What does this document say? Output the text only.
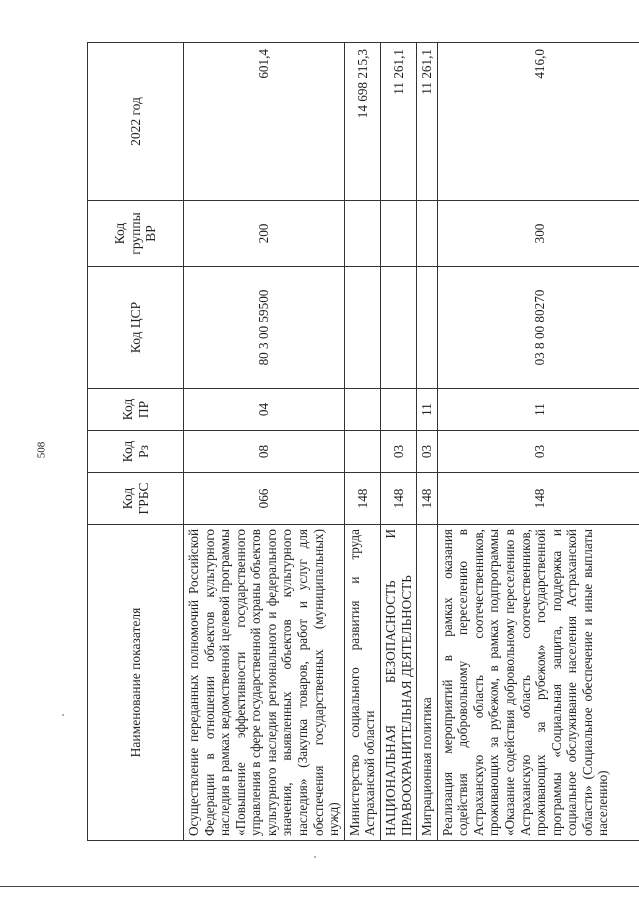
508
Наименование показателя	Код ГРБС	Код Рз	Код ПР	Код ЦСР	Код группы ВР	2022 год
Осуществление переданных полномочий Российской Федерации в отношении объектов культурного наследия в рамках ведомственной целевой программы «Повышение эффективности государственного управления в сфере государственной охраны объектов культурного наследия регионального и федерального значения, выявленных объектов культурного наследия» (Закупка товаров, работ и услуг для обеспечения государственных (муниципальных) нужд)	066	08	04	80 3 00 59500	200	601,4
Министерство социального развития и труда Астраханской области	148					14 698 215,3
НАЦИОНАЛЬНАЯ БЕЗОПАСНОСТЬ И ПРАВООХРАНИТЕЛЬНАЯ ДЕЯТЕЛЬНОСТЬ	148	03				11 261,1
Миграционная политика	148	03	11			11 261,1
Реализация мероприятий в рамках оказания содействия добровольному переселению в Астраханскую область соотечественников, проживающих за рубежом, в рамках подпрограммы «Оказание содействия добровольному переселению в Астраханскую область соотечественников, проживающих за рубежом» государственной программы «Социальная защита, поддержка и социальное обслуживание населения Астраханской области» (Социальное обеспечение и иные выплаты населению)	148	03	11	03 8 00 80270	300	416,0
